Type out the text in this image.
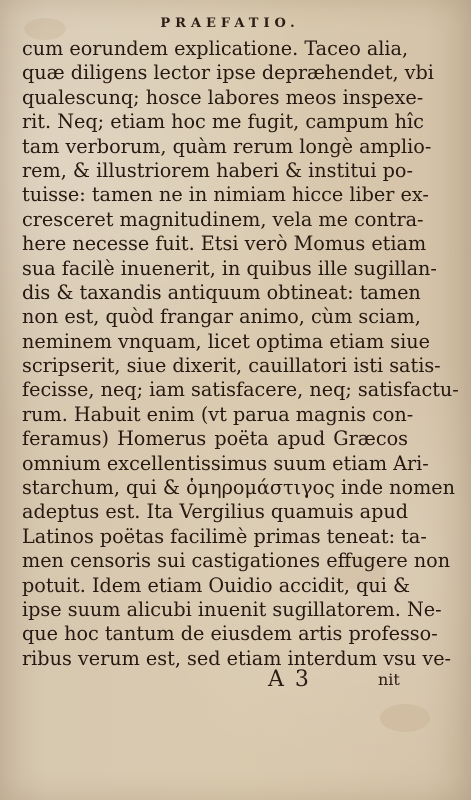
PRAEFATIO.
cum eorundem explicatione. Taceo alia,
quæ diligens lector ipse depræhendet, vbi
qualescunq; hosce labores meos inspexe-
rit. Neq; etiam hoc me fugit, campum hîc
tam verborum, quàm rerum longè amplio-
rem, & illustriorem haberi & institui po-
tuisse: tamen ne in nimiam hicce liber ex-
cresceret magnitudinem, vela me contra-
here necesse fuit. Etsi verò Momus etiam
sua facilè inuenerit, in quibus ille sugillan-
dis & taxandis antiquum obtineat: tamen
non est, quòd frangar animo, cùm sciam,
neminem vnquam, licet optima etiam siue
scripserit, siue dixerit, cauillatori isti satis-
fecisse, neq; iam satisfacere, neq; satisfactu-
rum. Habuit enim (vt parua magnis con-
feramus) Homerus poëta apud Græcos
omnium excellentissimus suum etiam Ari-
starchum, qui & ὁμηρομάστιγος inde nomen
adeptus est. Ita Vergilius quamuis apud
Latinos poëtas facilimè primas teneat: ta-
men censoris sui castigationes effugere non
potuit. Idem etiam Ouidio accidit, qui &
ipse suum alicubi inuenit sugillatorem. Ne-
que hoc tantum de eiusdem artis professo-
ribus verum est, sed etiam interdum vsu ve-
A 3	nit
